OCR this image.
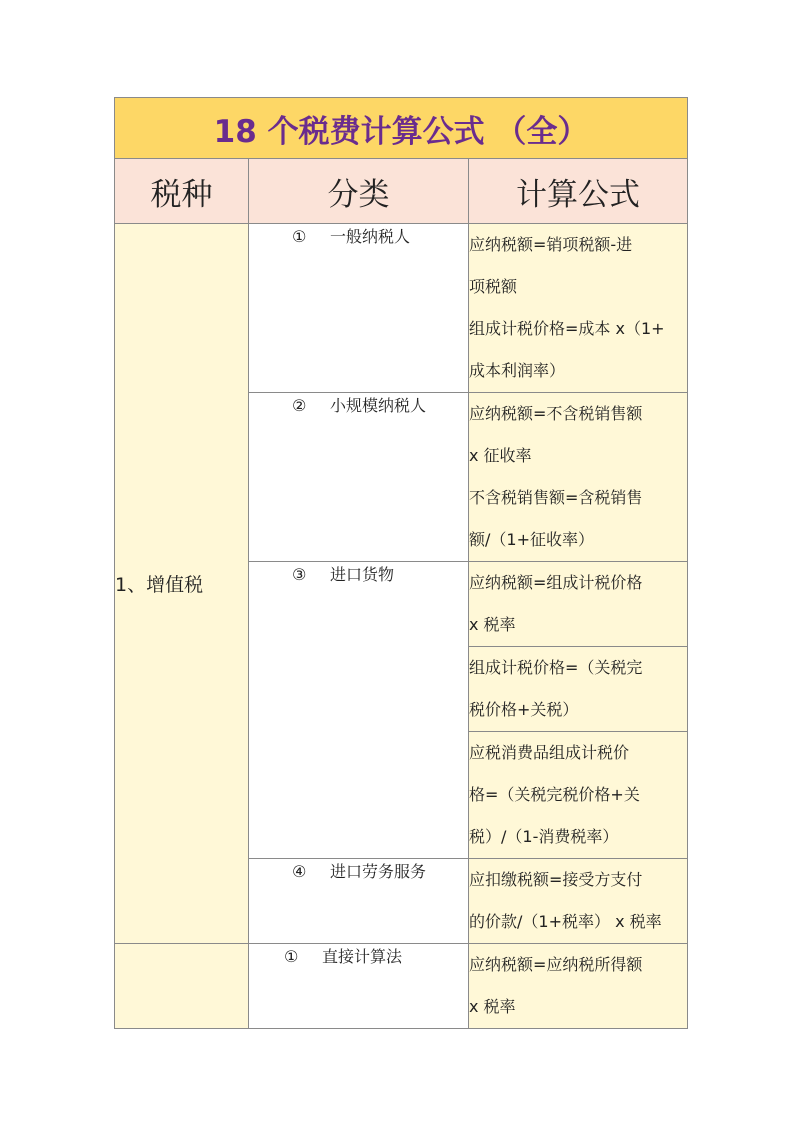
18 个税费计算公式 （全）		
税种	分类	计算公式
1、增值税	① 一般纳税人	应纳税额=销项税额-进
项税额
组成计税价格=成本 x（1+
成本利润率）

	② 小规模纳税人	应纳税额=不含税销售额
x 征收率
不含税销售额=含税销售
额/（1+征收率）

	③ 进口货物	应纳税额=组成计税价格
x 税率

		组成计税价格=（关税完
税价格+关税）

		应税消费品组成计税价
格=（关税完税价格+关
税）/（1-消费税率）

	④ 进口劳务服务	应扣缴税额=接受方支付
的价款/（1+税率） x 税率

	① 直接计算法	应纳税额=应纳税所得额
x 税率
